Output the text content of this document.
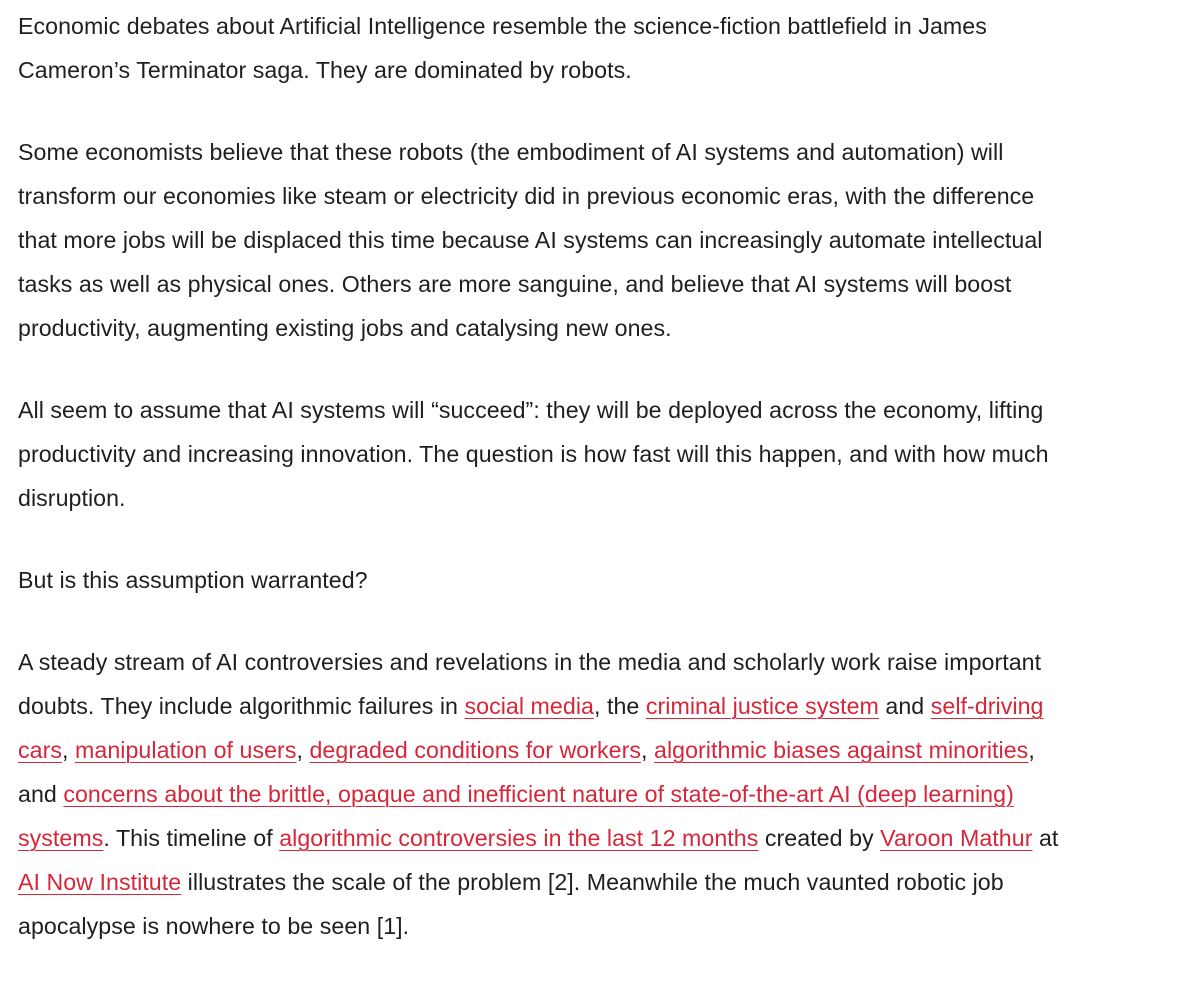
Economic debates about Artificial Intelligence resemble the science-fiction battlefield in James
Cameron’s Terminator saga. They are dominated by robots.

Some economists believe that these robots (the embodiment of AI systems and automation) will
transform our economies like steam or electricity did in previous economic eras, with the difference
that more jobs will be displaced this time because AI systems can increasingly automate intellectual
tasks as well as physical ones. Others are more sanguine, and believe that AI systems will boost
productivity, augmenting existing jobs and catalysing new ones.

All seem to assume that AI systems will “succeed”: they will be deployed across the economy, lifting
productivity and increasing innovation. The question is how fast will this happen, and with how much
disruption.

But is this assumption warranted?

A steady stream of AI controversies and revelations in the media and scholarly work raise important
doubts. They include algorithmic failures in social media, the criminal justice system and self-driving
cars, manipulation of users, degraded conditions for workers, algorithmic biases against minorities,
and concerns about the brittle, opaque and inefficient nature of state-of-the-art AI (deep learning)
systems. This timeline of algorithmic controversies in the last 12 months created by Varoon Mathur at
AI Now Institute illustrates the scale of the problem [2]. Meanwhile the much vaunted robotic job
apocalypse is nowhere to be seen [1].
